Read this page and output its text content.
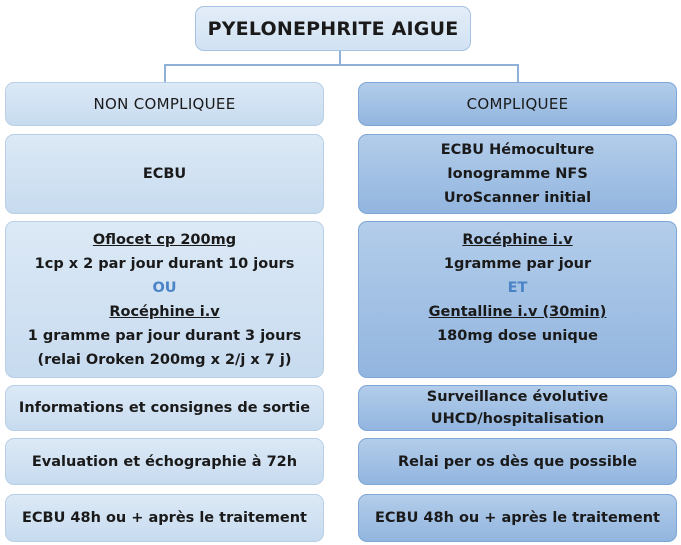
PYELONEPHRITE AIGUE
NON COMPLIQUEE
ECBU
Oflocet cp 200mg
1cp x 2 par jour durant 10 jours
OU
Rocéphine i.v
1 gramme par jour durant 3 jours
(relai Oroken 200mg x 2/j x 7 j)
Informations et consignes de sortie
Evaluation et échographie à 72h
ECBU 48h ou + après le traitement
COMPLIQUEE
ECBU Hémoculture
Ionogramme NFS
UroScanner initial
Rocéphine i.v
1gramme par jour
ET
Gentalline i.v (30min)
180mg dose unique
Surveillance évolutive
UHCD/hospitalisation
Relai per os dès que possible
ECBU 48h ou + après le traitement
